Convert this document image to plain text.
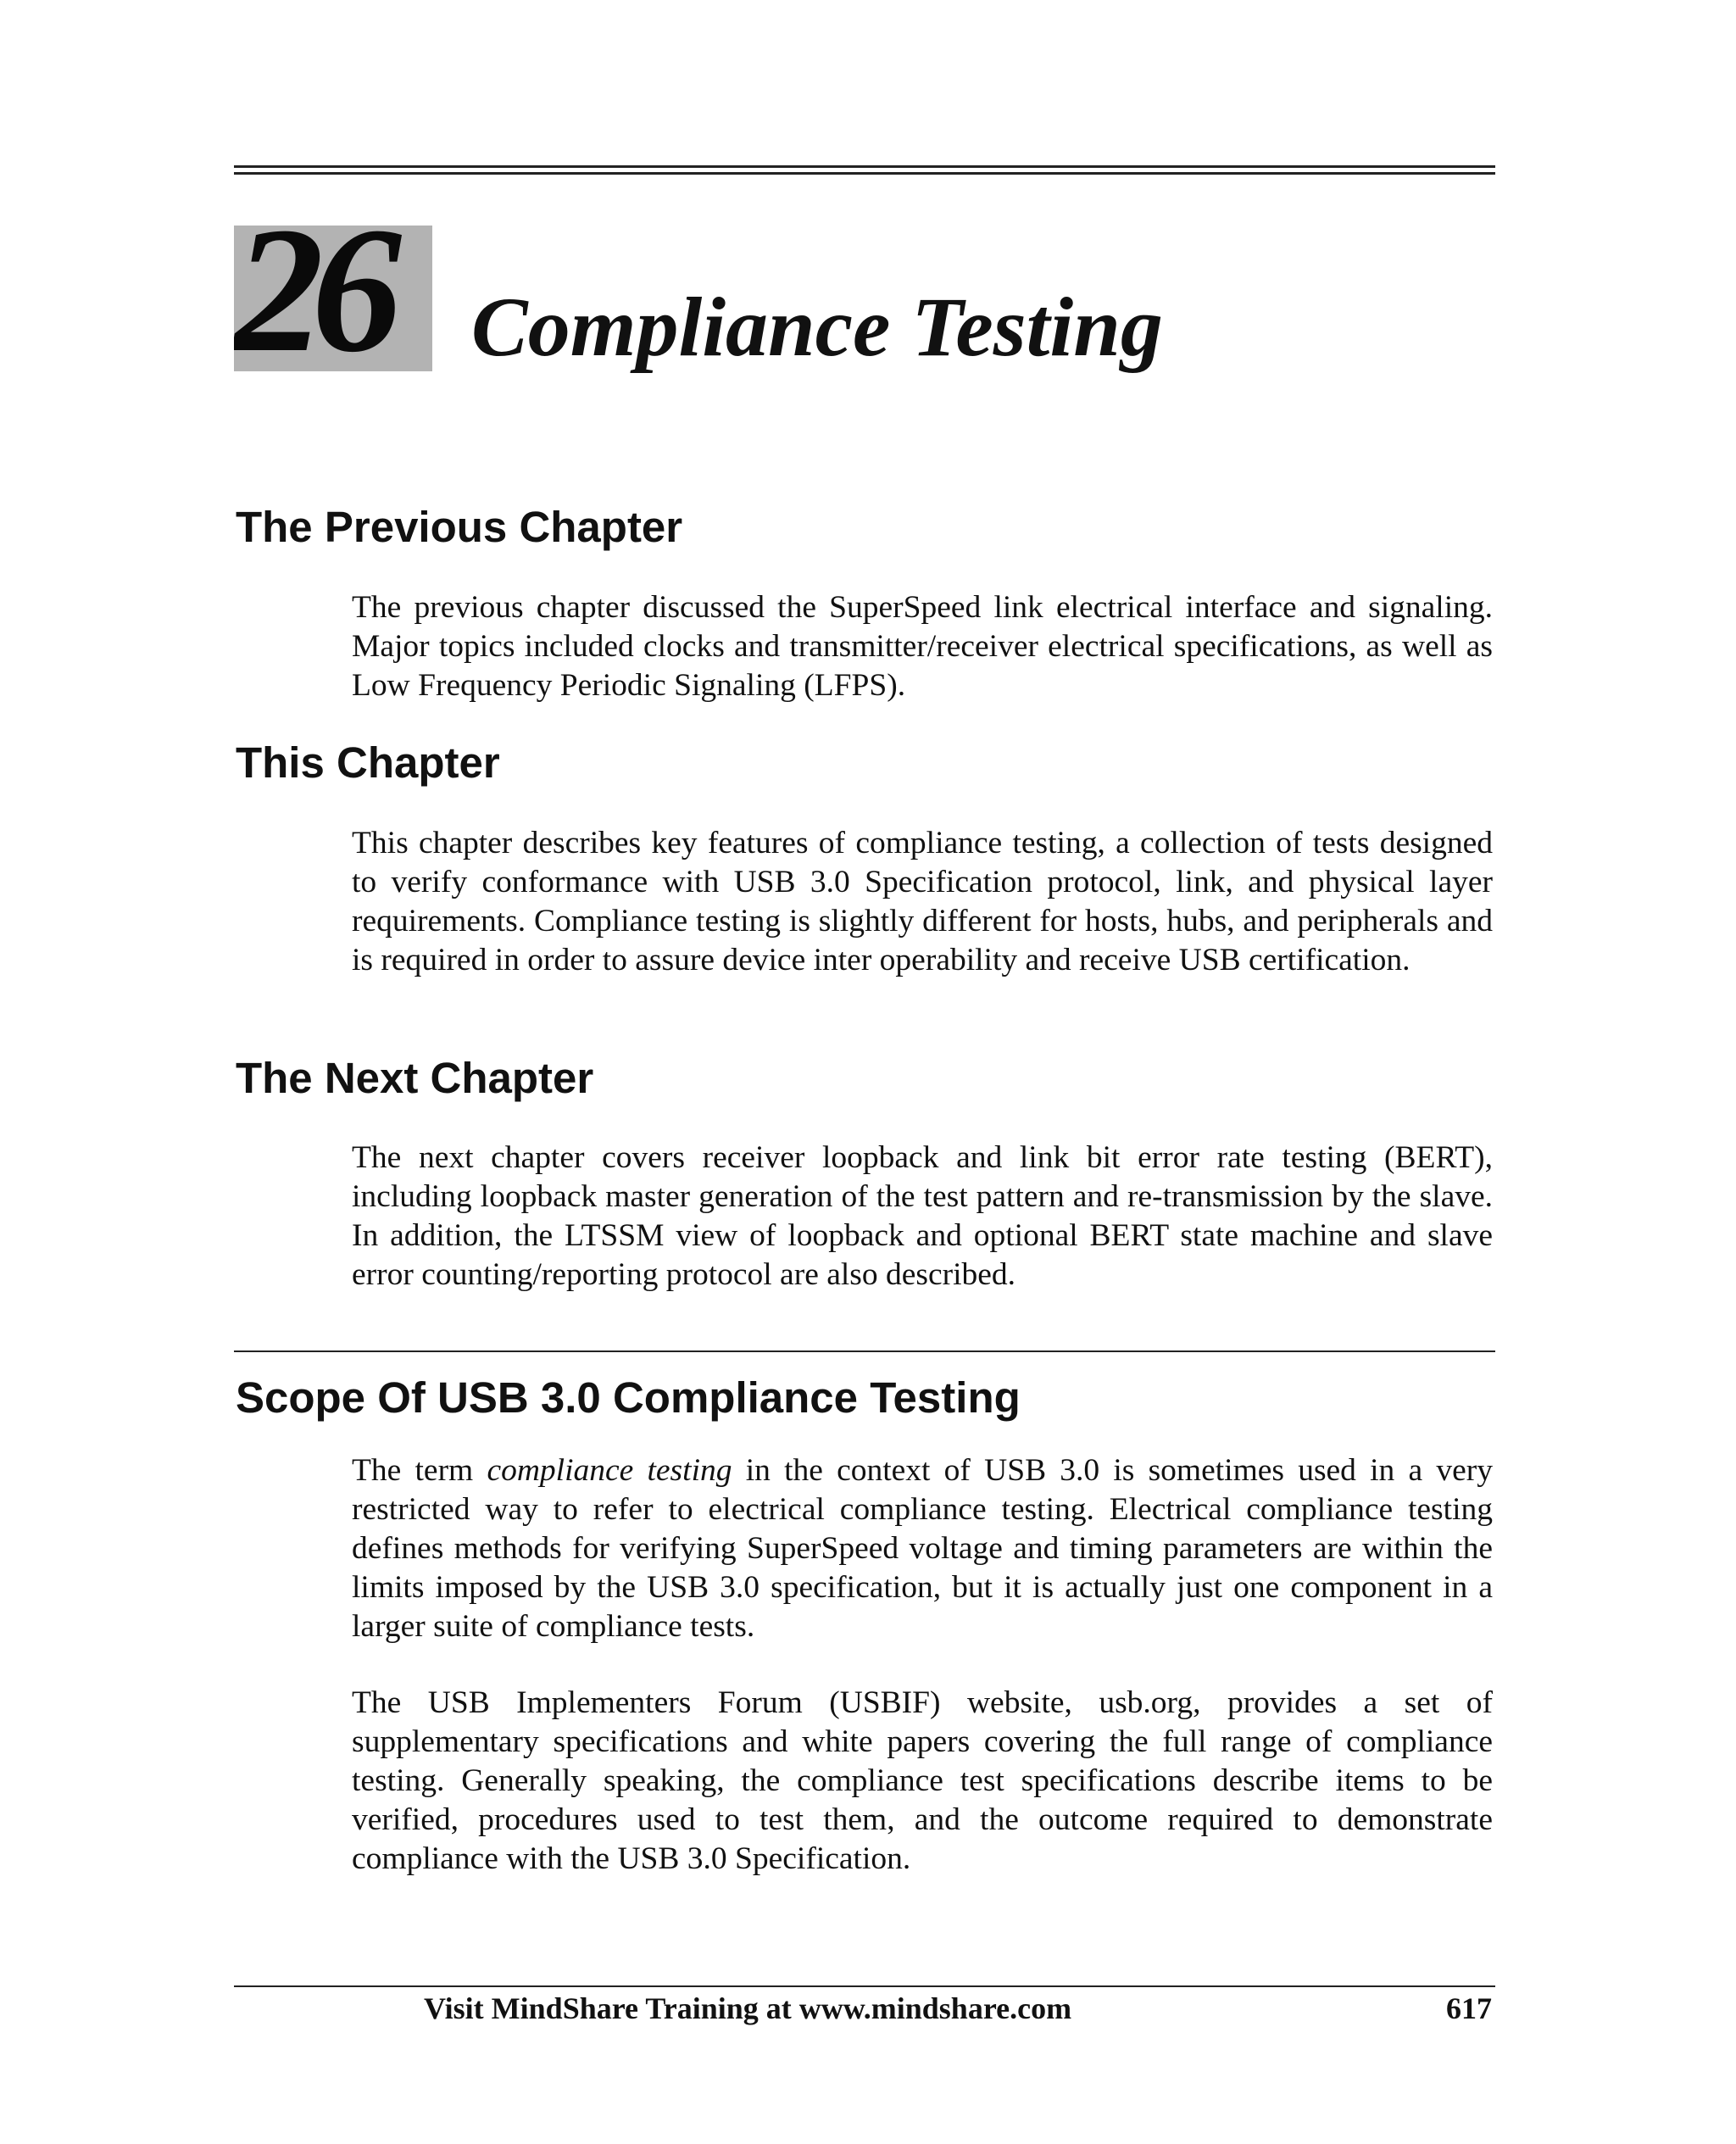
26 Compliance Testing
The Previous Chapter

The previous chapter discussed the SuperSpeed link electrical interface and signaling. Major topics included clocks and transmitter/receiver electrical specifications, as well as Low Frequency Periodic Signaling (LFPS).

This Chapter

This chapter describes key features of compliance testing, a collection of tests designed to verify conformance with USB 3.0 Specification protocol, link, and physical layer requirements. Compliance testing is slightly different for hosts, hubs, and peripherals and is required in order to assure device inter operability and receive USB certification.

The Next Chapter

The next chapter covers receiver loopback and link bit error rate testing (BERT), including loopback master generation of the test pattern and re-transmission by the slave. In addition, the LTSSM view of loopback and optional BERT state machine and slave error counting/reporting protocol are also described.

Scope Of USB 3.0 Compliance Testing

The term compliance testing in the context of USB 3.0 is sometimes used in a very restricted way to refer to electrical compliance testing. Electrical compliance testing defines methods for verifying SuperSpeed voltage and timing parameters are within the limits imposed by the USB 3.0 specification, but it is actually just one component in a larger suite of compliance tests.

The USB Implementers Forum (USBIF) website, usb.org, provides a set of supplementary specifications and white papers covering the full range of compliance testing. Generally speaking, the compliance test specifications describe items to be verified, procedures used to test them, and the outcome required to demonstrate compliance with the USB 3.0 Specification.

Visit MindShare Training at www.mindshare.com	617
